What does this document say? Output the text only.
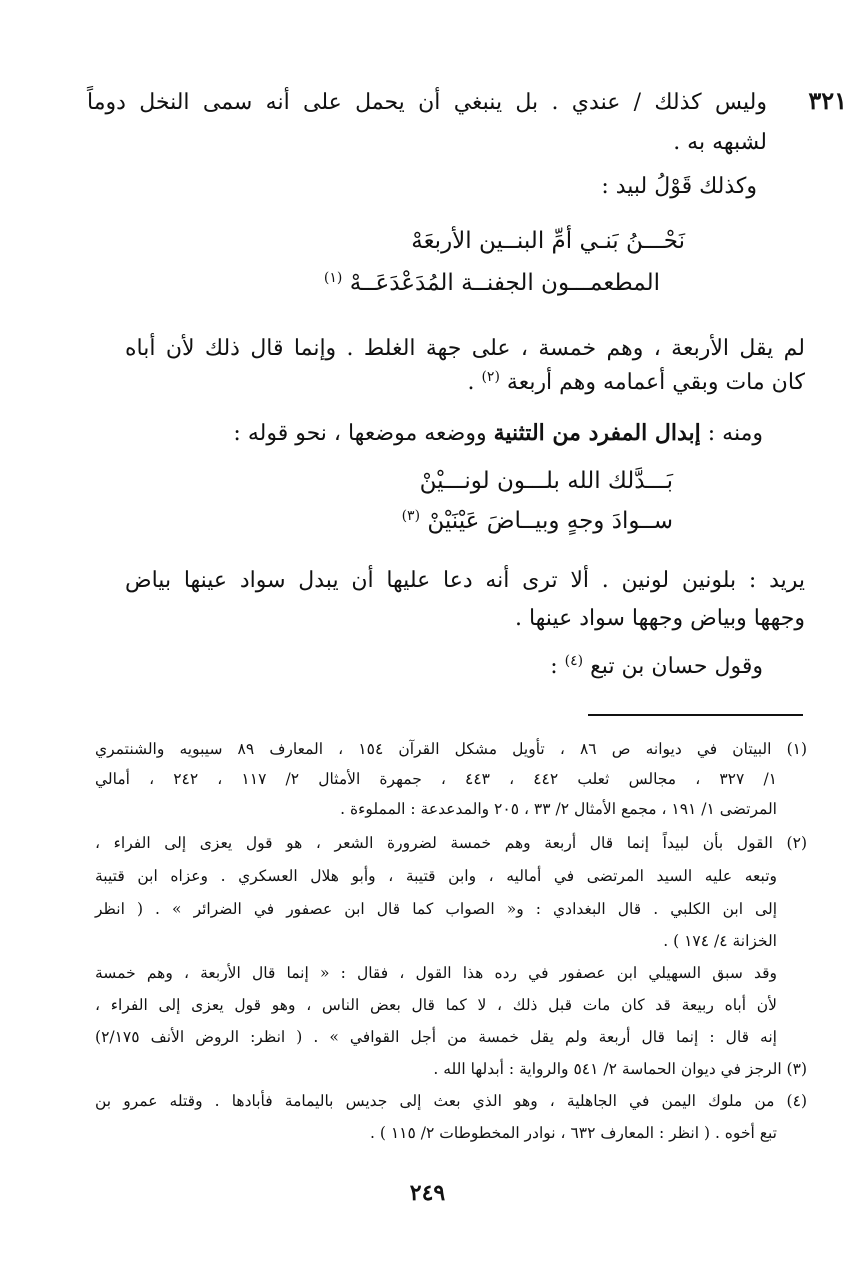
٣٢١
وليس كذلك / عندي . بل ينبغي أن يحمل على أنه سمى النخل دوماً
لشبهه به .
وكذلك قَوْلُ لبيد :
نَحْـــنُ بَنـي أمِّ البنــين الأربعَهْ
المطعمـــون الجفنــة المُدَعْدَعَــهْ $^{(١)}$
لم يقل الأربعة ، وهم خمسة ، على جهة الغلط . وإنما قال ذلك لأن أباه
كان مات وبقي أعمامه وهم أربعة $^{(٢)}$ .
ومنه : إبدال المفرد من التثنية ووضعه موضعها ، نحو قوله :
بَـــدَّلك الله بلـــون لونـــيْنْ
ســوادَ وجهٍ وبيــاضَ عَيْنَيْنْ $^{(٣)}$
يريد : بلونين لونين . ألا ترى أنه دعا عليها أن يبدل سواد عينها بياض
وجهها وبياض وجهها سواد عينها .
وقول حسان بن تبع $^{(٤)}$ :
(١) البيتان في ديوانه ص ٨٦ ، تأويل مشكل القرآن ١٥٤ ، المعارف ٨٩ سيبويه والشنتمري
١/ ٣٢٧ ، مجالس ثعلب ٤٤٢ ، ٤٤٣ ، جمهرة الأمثال ٢/ ١١٧ ، ٢٤٢ ، أمالي
المرتضى ١/ ١٩١ ، مجمع الأمثال ٢/ ٣٣ ، ٢٠٥ والمدعدعة : المملوءة .
(٢) القول بأن لبيداً إنما قال أربعة وهم خمسة لضرورة الشعر ، هو قول يعزى إلى الفراء ،
وتبعه عليه السيد المرتضى في أماليه ، وابن قتيبة ، وأبو هلال العسكري . وعزاه ابن قتيبة
إلى ابن الكلبي . قال البغدادي : و« الصواب كما قال ابن عصفور في الضرائر » . ( انظر
الخزانة ٤/ ١٧٤ ) .
وقد سبق السهيلي ابن عصفور في رده هذا القول ، فقال : « إنما قال الأربعة ، وهم خمسة
لأن أباه ربيعة قد كان مات قبل ذلك ، لا كما قال بعض الناس ، وهو قول يعزى إلى الفراء ،
إنه قال : إنما قال أربعة ولم يقل خمسة من أجل القوافي » . ( انظر: الروض الأنف ٢/١٧٥)
(٣) الرجز في ديوان الحماسة ٢/ ٥٤١ والرواية : أبدلها الله .
(٤) من ملوك اليمن في الجاهلية ، وهو الذي بعث إلى جديس باليمامة فأبادها . وقتله عمرو بن
تبع أخوه . ( انظر : المعارف ٦٣٢ ، نوادر المخطوطات ٢/ ١١٥ ) .
٢٤٩
